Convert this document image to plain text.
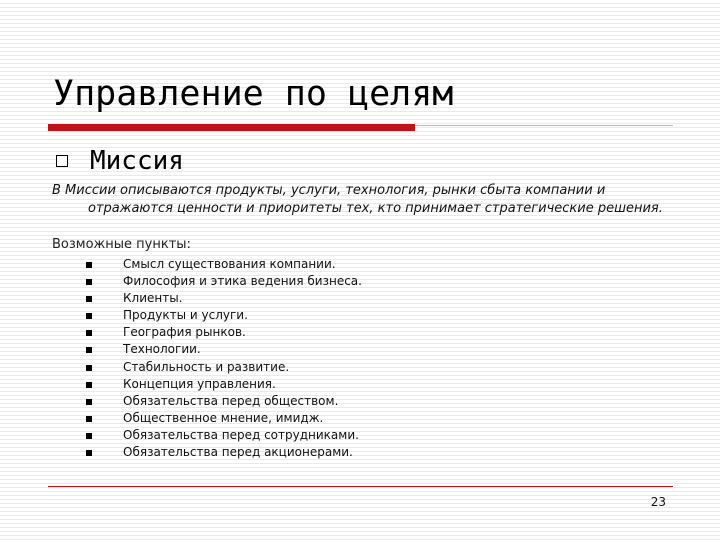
Управление по целям
Миссия
В Миссии описываются продукты, услуги, технология, рынки сбыта компании и
отражаются ценности и приоритеты тех, кто принимает стратегические решения.
Возможные пункты:
Смысл существования компании.
Философия и этика ведения бизнеса.
Клиенты.
Продукты и услуги.
География рынков.
Технологии.
Стабильность и развитие.
Концепция управления.
Обязательства перед обществом.
Общественное мнение, имидж.
Обязательства перед сотрудниками.
Обязательства перед акционерами.
23
